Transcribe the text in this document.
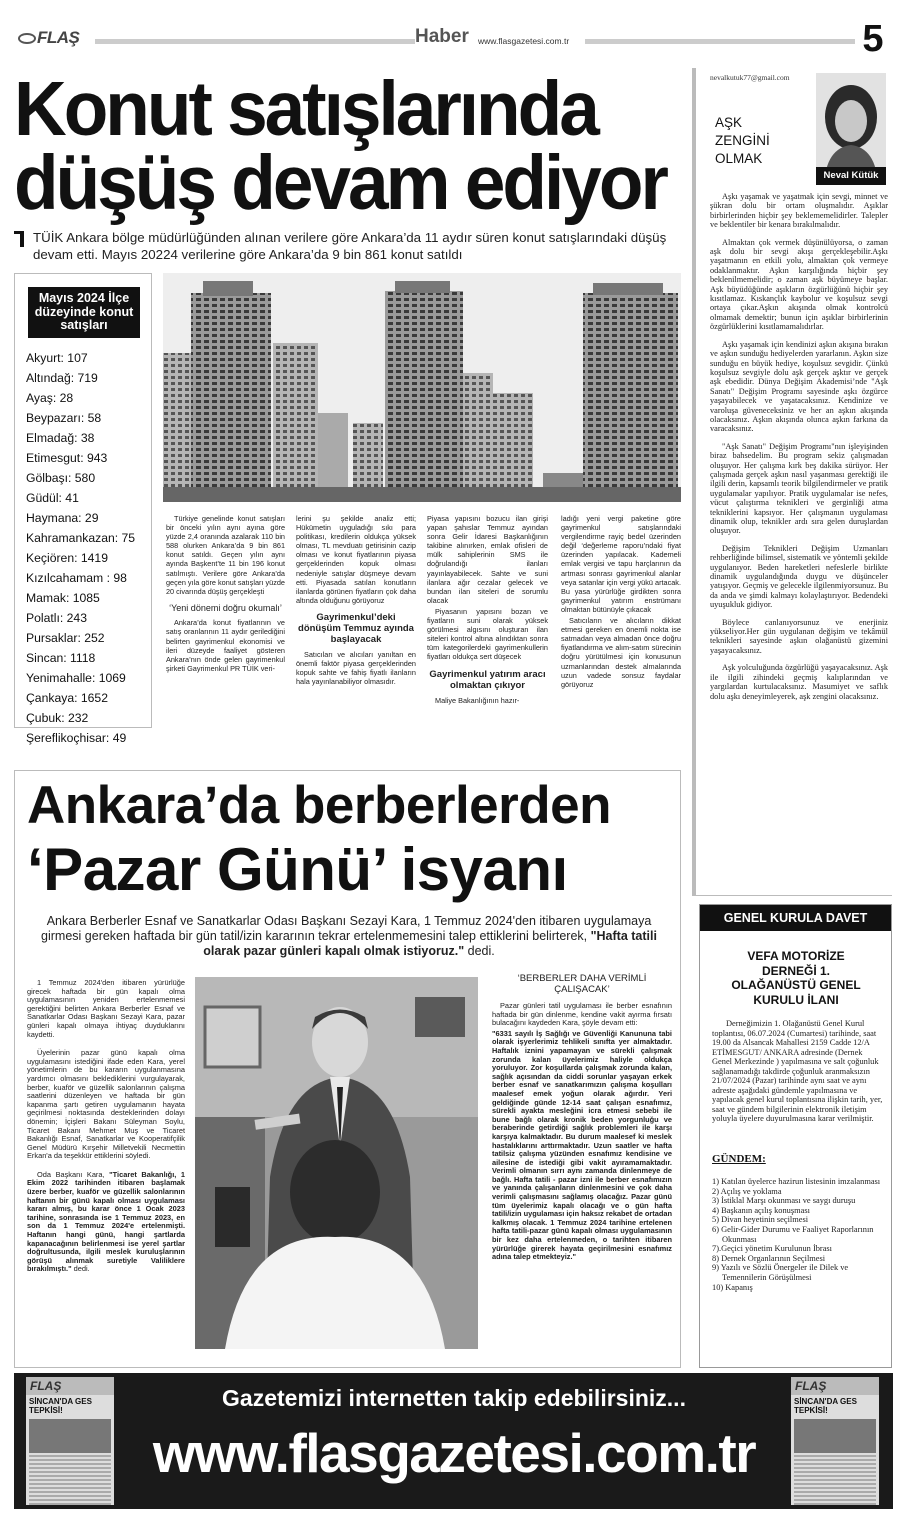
FLAŞ	Haber www.flasgazetesi.com.tr	5
Konut satışlarında
düşüş devam ediyor
TÜİK Ankara bölge müdürlüğünden alınan verilere göre Ankara’da 11 aydır süren konut satışlarındaki düşüş devam etti. Mayıs 20224 verilerine göre Ankara’da 9 bin 861 konut satıldı
Mayıs 2024 İlçe düzeyinde konut satışları
Akyurt: 107
Altındağ: 719
Ayaş: 28
Beypazarı: 58
Elmadağ: 38
Etimesgut: 943
Gölbaşı: 580
Güdül: 41
Haymana: 29
Kahramankazan: 75
Keçiören: 1419
Kızılcahamam : 98
Mamak: 1085
Polatlı: 243
Pursaklar: 252
Sincan: 1118
Yenimahalle: 1069
Çankaya: 1652
Çubuk: 232
Şereflikoçhisar: 49

Türkiye genelinde konut satışları bir önceki yılın aynı ayına göre yüzde 2,4 oranında azalarak 110 bin 588 olurken Ankara’da 9 bin 861 konut satıldı. Geçen yılın aynı ayında Başkent’te 11 bin 196 konut satılmıştı. Verilere göre Ankara’da geçen yıla göre konut satışları yüzde 20 civarında düşüş gerçekleşti

‘Yeni dönemi doğru okumalı’

Ankara’da konut fiyatlarının ve satış oranlarının 11 aydır gerilediğini belirten gayrimenkul ekonomisi ve ileri düzeyde faaliyet gösteren Ankara’nın önde gelen gayrimenkul şirketi Gayrimenkul PR TÜİK veri-

lerini şu şekilde analiz etti; Hükümetin uyguladığı sıkı para politikası, kredilerin oldukça yüksek olması, TL mevduatı getirisinin cazip olması ve konut fiyatlarının piyasa gerçeklerinden kopuk olması nedeniyle satışlar düşmeye devam etti. Piyasada satılan konutların ilanlarda görünen fiyatların çok daha altında olduğunu görüyoruz

Gayrimenkul’deki dönüşüm Temmuz ayında başlayacak

Satıcıları ve alıcıları yanıltan en önemli faktör piyasa gerçeklerinden kopuk sahte ve fahiş fiyatlı ilanların hala yayınlanabiliyor olmasıdır.

Piyasa yapısını bozucu ilan girişi yapan şahıslar Temmuz ayından sonra Gelir İdaresi Başkanlığının takibine alınırken, emlak ofisleri de mülk sahiplerinin SMS ile doğrulandığı ilanları yayınlayabilecek. Sahte ve suni ilanlara ağır cezalar gelecek ve bundan ilan siteleri de sorumlu olacak

Piyasanın yapısını bozan ve fiyatların suni olarak yüksek görülmesi algısını oluşturan ilan siteleri kontrol altına alındıktan sonra tüm kategorilerdeki gayrimenkullerin fiyatları oldukça sert düşecek

Gayrimenkul yatırım aracı olmaktan çıkıyor

Maliye Bakanlığının hazır-

ladığı yeni vergi paketine göre gayrimenkul satışlarındaki vergilendirme rayiç bedel üzerinden değil ‘değerleme raporu’ndaki fiyat üzerinden yapılacak. Kademeli emlak vergisi ve tapu harçlarının da artması sonrası gayrimenkul alanlar veya satanlar için vergi yükü artacak. Bu yasa yürürlüğe girdikten sonra gayrimenkul yatırım enstrümanı olmaktan bütünüyle çıkacak

Satıcıların ve alıcıların dikkat etmesi gereken en önemli nokta ise satmadan veya almadan önce doğru fiyatlandırma ve alım-satım sürecinin doğru yürütülmesi için konusunun uzmanlarından destek almalarında uzun vadede sonsuz faydalar görüyoruz

nevalkutuk77@gmail.com
AŞK
ZENGİNİ
OLMAK
Neval Kütük

Aşkı yaşamak ve yaşatmak için sevgi, minnet ve şükran dolu bir ortam oluşmalıdır. Aşıklar birbirlerinden hiçbir şey beklememelidirler. Talepler ve beklentiler bir kenara bırakılmalıdır.

Almaktan çok vermek düşünülüyorsa, o zaman aşk dolu bir sevgi akışı gerçekleşebilir.Aşkı yaşatmanın en etkili yolu, almaktan çok vermeye odaklanmaktır. Aşkın karşılığında hiçbir şey beklenilmemelidir; o zaman aşk büyümeye başlar. Aşk büyüdüğünde aşıkların özgürlüğünü hiçbir şey kısıtlamaz. Kıskançlık kaybolur ve koşulsuz sevgi ortaya çıkar.Aşkın akışında olmak kontrolcü olmamak demektir; bunun için aşıklar birbirlerinin özgürlüklerini kısıtlamamalıdırlar.

Aşkı yaşamak için kendinizi aşkın akışına bırakın ve aşkın sunduğu hediyelerden yararlanın. Aşkın size sunduğu en büyük hediye, koşulsuz sevgidir. Çünkü koşulsuz sevgiyle dolu aşk gerçek aşktır ve gerçek aşk ebedidir. Dünya Değişim Akademisi’nde "Aşk Sanatı" Değişim Programı sayesinde aşkı özgürce yaşayabilecek ve yaşatacaksınız. Kendinize ve varoluşa güveneceksiniz ve her an aşkın akışında olacaksınız. Aşkın akışında olunca aşkın farkına da varacaksınız.

"Aşk Sanatı" Değişim Programı"nın işleyişinden biraz bahsedelim. Bu program sekiz çalışmadan oluşuyor. Her çalışma kırk beş dakika sürüyor. Her çalışmada gerçek aşkın nasıl yaşanması gerektiği ile ilgili derin, kapsamlı teorik bilgilendirmeler ve pratik uygulamalar yapılıyor. Pratik uygulamalar ise nefes, vücut çalıştırma teknikleri ve gerginliği atma tekniklerini kapsıyor. Her çalışmanın uygulaması dinamik olup, teknikler ardı sıra gelen duruşlardan oluşuyor.

Değişim Teknikleri Değişim Uzmanları rehberliğinde bilimsel, sistematik ve yöntemli şekilde uygulanıyor. Beden hareketleri nefeslerle birlikte dinamik uygulandığında duygu ve düşünceler yatışıyor. Geçmiş ve gelecekle ilgilenmiyorsunuz. Bu da anda ve şimdi kalmayı kolaylaştırıyor. Bedendeki uyuşukluk gidiyor.

Böylece canlanıyorsunuz ve enerjiniz yükseliyor.Her gün uygulanan değişim ve tekâmül teknikleri sayesinde aşkın olağanüstü gizemini yaşayacaksınız.

Aşk yolculuğunda özgürlüğü yaşayacaksınız. Aşk ile ilgili zihindeki geçmiş kalıplarından ve yargılardan kurtulacaksınız. Masumiyet ve saflık dolu aşkı deneyimleyerek, aşk zengini olacaksınız.

Ankara’da berberlerden
‘Pazar Günü’ isyanı
Ankara Berberler Esnaf ve Sanatkarlar Odası Başkanı Sezayi Kara, 1 Temmuz 2024'den itibaren uygulamaya girmesi gereken haftada bir gün tatil/izin kararının tekrar ertelenmemesini talep ettiklerini belirterek, "Hafta tatili olarak pazar günleri kapalı olmak istiyoruz." dedi.

1 Temmuz 2024'den itibaren yürürlüğe girecek haftada bir gün kapalı olma uygulamasının yeniden ertelenmemesi gerektiğini belirten Ankara Berberler Esnaf ve Sanatkarlar Odası Başkanı Sezayi Kara, pazar günleri kapalı olmaya ihtiyaç duyduklarını kaydetti.

Üyelerinin pazar günü kapalı olma uygulamasını istediğini ifade eden Kara, yerel yönetimlerin de bu kararın uygulanmasına yardımcı olmasını beklediklerini vurgulayarak, berber, kuaför ve güzellik salonlarının çalışma saatlerini düzenleyen ve haftada bir gün kapanma şartı getiren uygulamanın hayata geçirilmesi noktasında desteklerinden dolayı dönemin; İçişleri Bakanı Süleyman Soylu, Ticaret Bakanı Mehmet Muş ve Ticaret Bakanlığı Esnaf, Sanatkarlar ve Kooperatifçilik Genel Müdürü Kırşehir Milletvekili Necmettin Erkan'a da teşekkür ettiklerini söyledi.

Oda Başkanı Kara, "Ticaret Bakanlığı, 1 Ekim 2022 tarihinden itibaren başlamak üzere berber, kuaför ve güzellik salonlarının haftanın bir günü kapalı olması uygulaması kararı almış, bu karar önce 1 Ocak 2023 tarihine, sonrasında ise 1 Temmuz 2023, en son da 1 Temmuz 2024'e ertelenmişti. Haftanın hangi günü, hangi şartlarda kapanacağının belirlenmesi ise yerel şartlar doğrultusunda, ilgili meslek kuruluşlarının görüşü alınmak suretiyle Valiliklere bırakılmıştı." dedi.

‘BERBERLER DAHA VERİMLİ ÇALIŞACAK’

Pazar günleri tatil uygulaması ile berber esnafının haftada bir gün dinlenme, kendine vakit ayırma fırsatı bulacağını kaydeden Kara, şöyle devam etti:

"6331 sayılı İş Sağlığı ve Güvenliği Kanununa tabi olarak işyerlerimiz tehlikeli sınıfta yer almaktadır. Haftalık iznini yapamayan ve sürekli çalışmak zorunda kalan üyelerimiz haliyle oldukça yoruluyor. Zor koşullarda çalışmak zorunda kalan, sağlık açısından da ciddi sorunlar yaşayan erkek berber esnaf ve sanatkarımızın çalışma koşulları maalesef emek yoğun olarak ağırdır. Yeri geldiğinde günde 12-14 saat çalışan esnafımız, sürekli ayakta mesleğini icra etmesi sebebi ile bune bağlı olarak kronik beden yorgunluğu ve beraberinde getirdiği sağlık problemleri ile karşı karşıya kalmaktadır. Bu durum maalesef ki meslek hastalıklarını arttırmaktadır. Uzun saatler ve hafta tatilsiz çalışma yüzünden esnafımız kendisine ve ailesine de istediği gibi vakit ayıramamaktadır. Verimli olmanın sırrı aynı zamanda dinlenmeye de bağlı. Hafta tatili - pazar izni ile berber esnafımızın ve yanında çalışanların dinlenmesini ve çok daha verimli çalışmasını sağlamış olacağız. Pazar günü tüm üyelerimiz kapalı olacağı ve o gün hafta tatili/izin uygulaması için haksız rekabet de ortadan kalkmış olacak. 1 Temmuz 2024 tarihine ertelenen hafta tatili-pazar günü kapalı olması uygulamasının bir kez daha ertelenmeden, o tarihten itibaren yürürlüğe girerek hayata geçirilmesini esnafımız adına talep etmekteyiz."

GENEL KURULA DAVET
VEFA MOTORİZE DERNEĞİ 1. OLAĞANÜSTÜ GENEL KURULU İLANI
Derneğimizin 1. Olağanüstü Genel Kurul toplantısı, 06.07.2024 (Cumartesi) tarihinde, saat 19.00 da Alsancak Mahallesi 2159 Cadde 12/A ETİMESGUT/ ANKARA adresinde (Dernek Genel Merkezinde ) yapılmasına ve salt çoğunluk sağlanamadığı takdirde çoğunluk aranmaksızın 21/07/2024 (Pazar) tarihinde aynı saat ve aynı adreste aşağıdaki gündemle yapılmasına ve yapılacak genel kurul toplantısına ilişkin tarih, yer, saat ve gündem bilgilerinin elektronik iletişim yoluyla üyelere duyurulmasına karar verilmiştir.
GÜNDEM:
1) Katılan üyelerce hazirun listesinin imzalanması
2) Açılış ve yoklama
3) İstiklal Marşı okunması ve saygı duruşu
4) Başkanın açılış konuşması
5) Divan heyetinin seçilmesi
6) Gelir-Gider Durumu ve Faaliyet Raporlarının Okunması
7).Geçici yönetim Kurulunun İbrası
8) Dernek Organlarının Seçilmesi
9) Yazılı ve Sözlü Önergeler ile Dilek ve Temennilerin Görüşülmesi
10) Kapanış
FLAŞ
SİNCAN'DA GES TEPKİSİ!
FLAŞ
SİNCAN'DA GES TEPKİSİ!
Gazetemizi internetten takip edebilirsiniz...
www.flasgazetesi.com.tr
